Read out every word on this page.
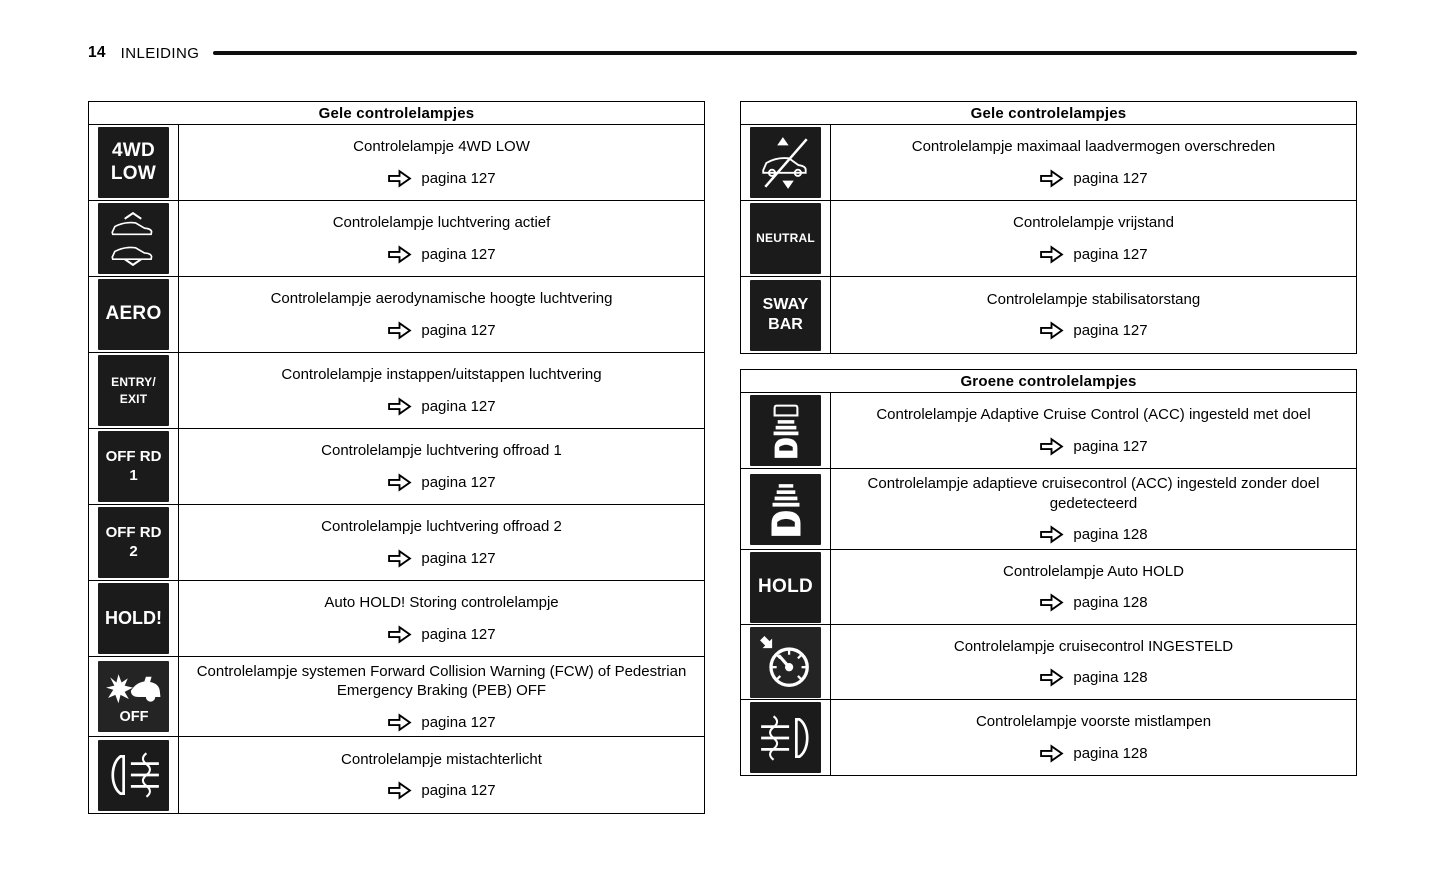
14 INLEIDING
Gele controlelampjes
4WD
LOW
Controlelampje 4WD LOW
pagina 127
Controlelampje luchtvering actief
pagina 127
AERO
Controlelampje aerodynamische hoogte luchtvering
pagina 127
ENTRY/
EXIT
Controlelampje instappen/uitstappen luchtvering
pagina 127
OFF RD
1
Controlelampje luchtvering offroad 1
pagina 127
OFF RD
2
Controlelampje luchtvering offroad 2
pagina 127
HOLD!
Auto HOLD! Storing controlelampje
pagina 127
OFF
Controlelampje systemen Forward Collision Warning (FCW) of Pedestrian Emergency Braking (PEB) OFF
pagina 127
Controlelampje mistachterlicht
pagina 127
Gele controlelampjes
Controlelampje maximaal laadvermogen overschreden
pagina 127
NEUTRAL
Controlelampje vrijstand
pagina 127
SWAY
BAR
Controlelampje stabilisatorstang
pagina 127
Groene controlelampjes
Controlelampje Adaptive Cruise Control (ACC) ingesteld met doel
pagina 127
Controlelampje adaptieve cruisecontrol (ACC) ingesteld zonder doel gedetecteerd
pagina 128
HOLD
Controlelampje Auto HOLD
pagina 128
Controlelampje cruisecontrol INGESTELD
pagina 128
Controlelampje voorste mistlampen
pagina 128
